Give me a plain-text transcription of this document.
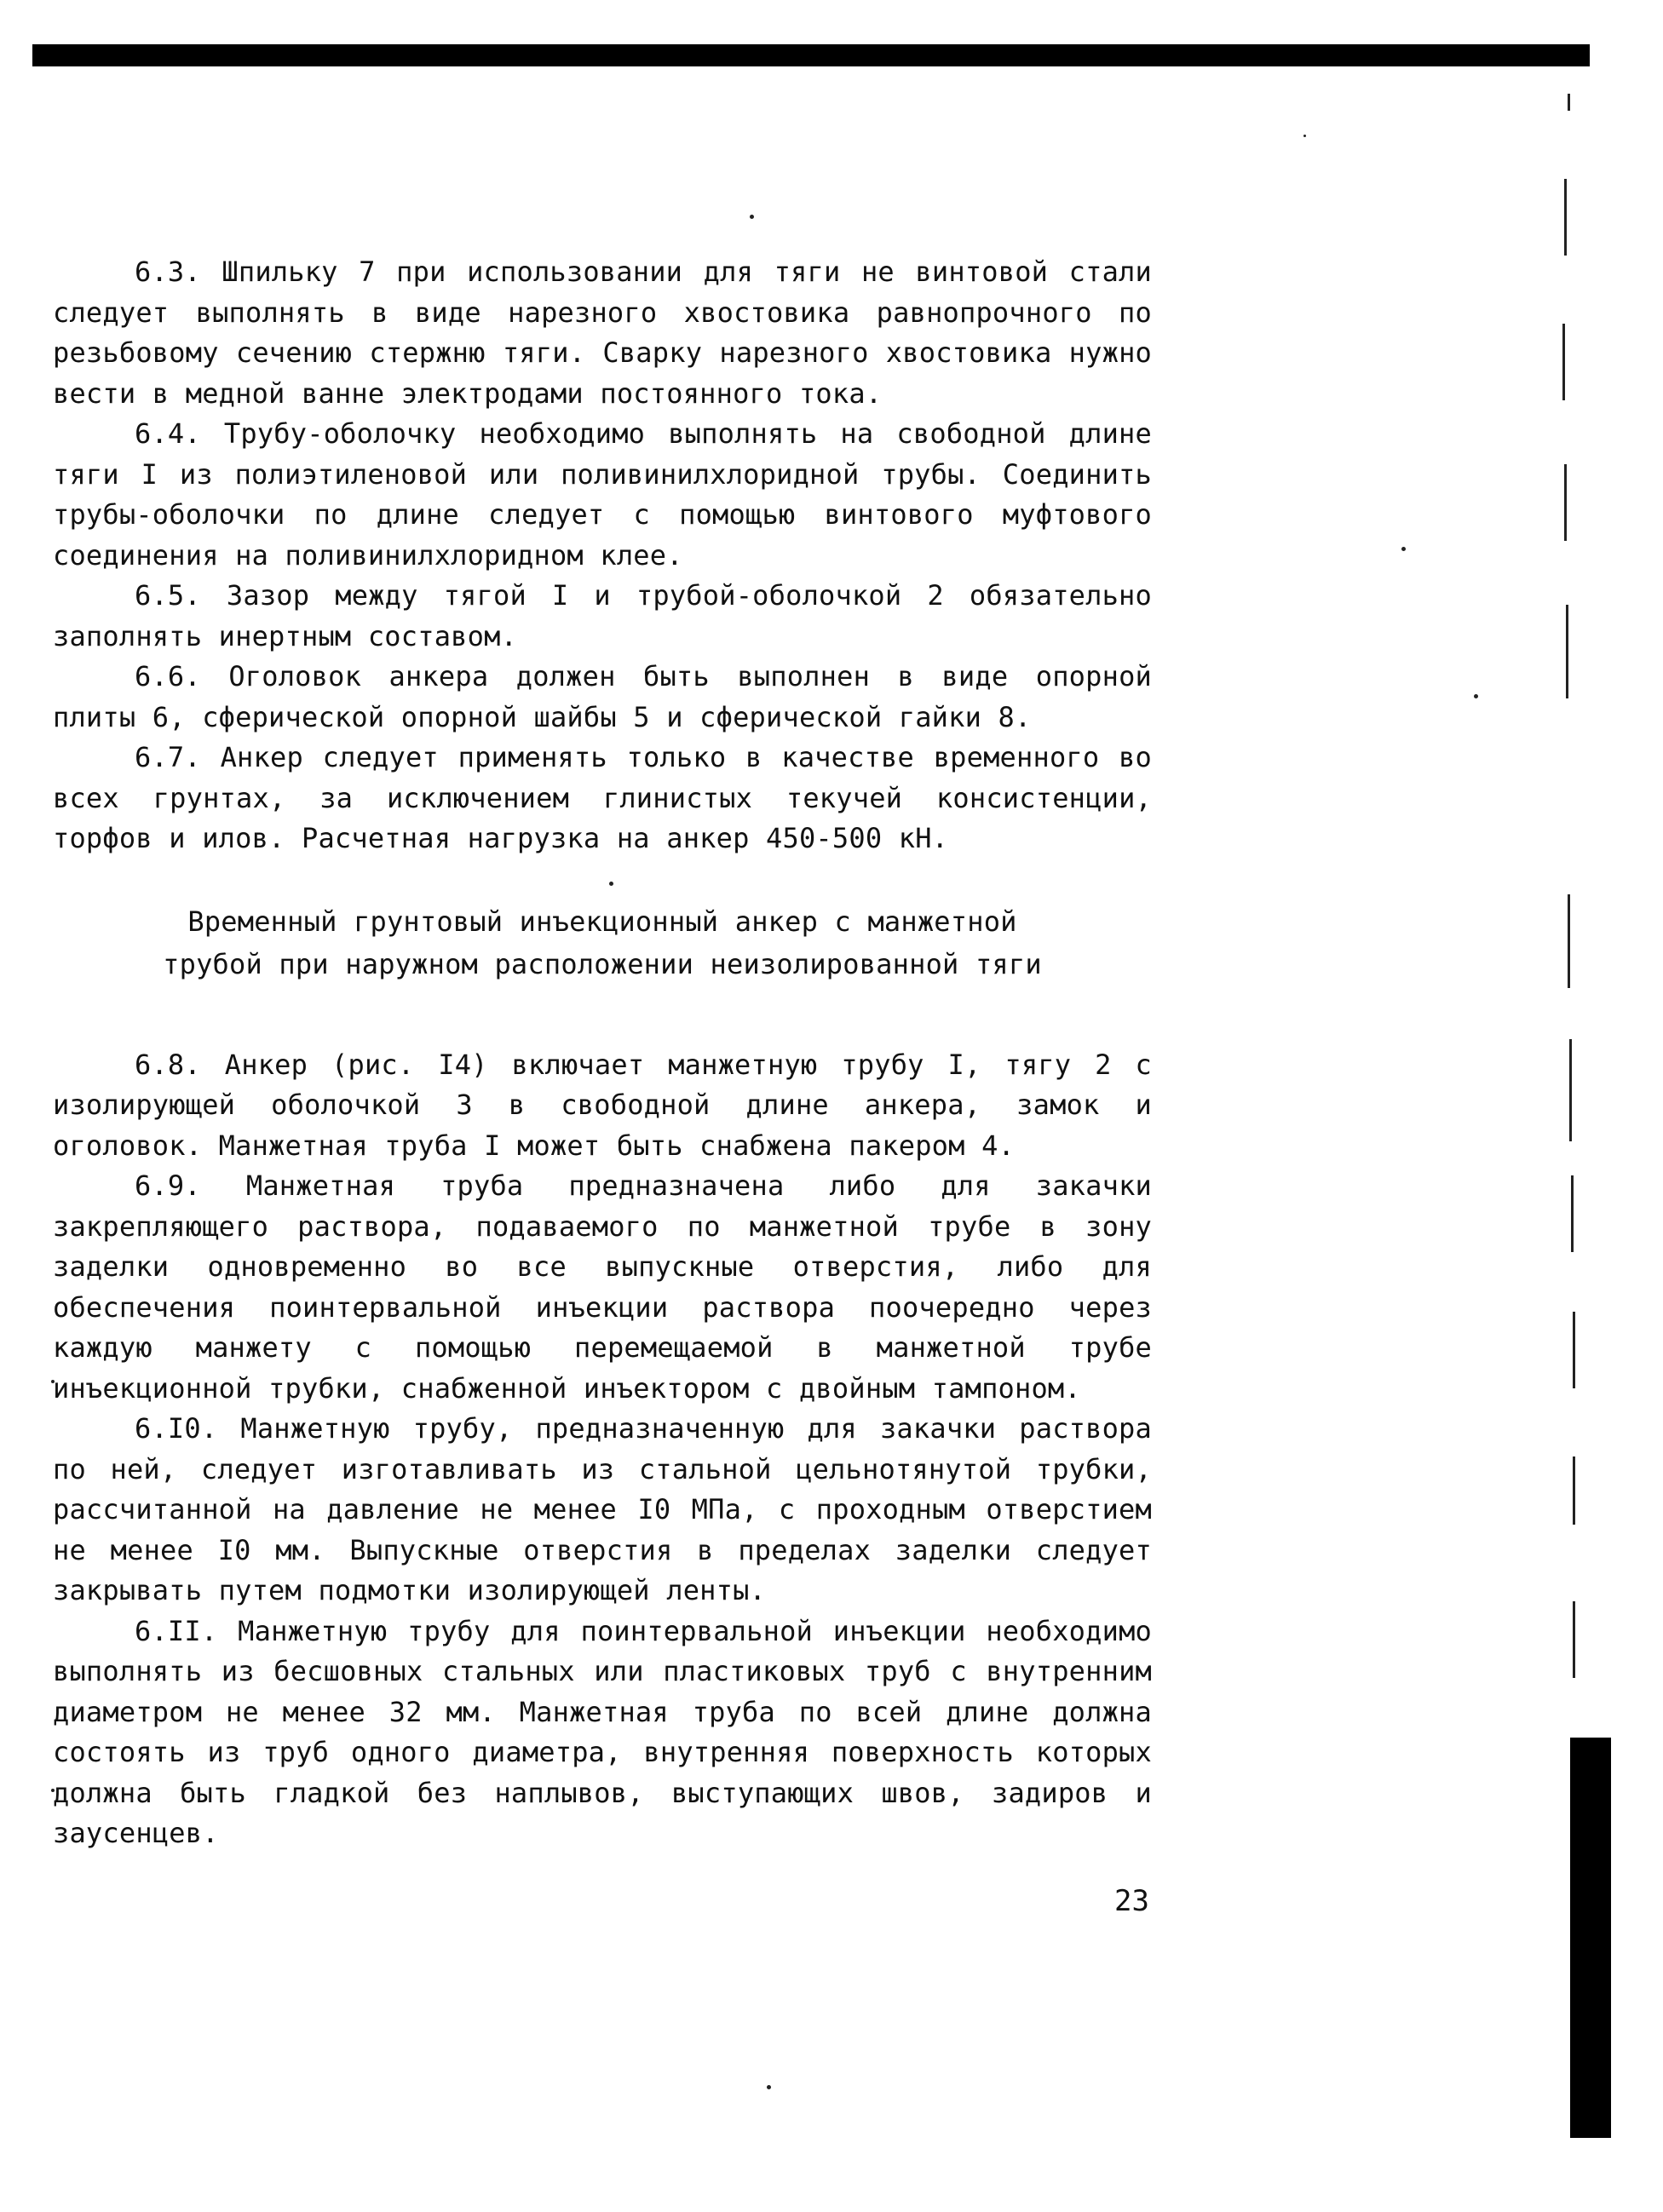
6.3. Шпильку 7 при использовании для тяги не винтовой стали следует выполнять в виде нарезного хвостовика равнопрочного по резьбовому сечению стержню тяги. Сварку нарезного хвостовика нужно вести в медной ванне электродами постоянного тока.

6.4. Трубу-оболочку необходимо выполнять на свободной длине тяги I из полиэтиленовой или поливинилхлоридной трубы. Соединить трубы-оболочки по длине следует с помощью винтового муфтового соединения на поливинилхлоридном клее.

6.5. Зазор между тягой I и трубой-оболочкой 2 обязательно заполнять инертным составом.

6.6. Оголовок анкера должен быть выполнен в виде опорной плиты 6, сферической опорной шайбы 5 и сферической гайки 8.

6.7. Анкер следует применять только в качестве временного во всех грунтах, за исключением глинистых текучей консистенции, торфов и илов. Расчетная нагрузка на анкер 450-500 кН.

Временный грунтовый инъекционный анкер с манжетной
трубой при наружном расположении неизолированной тяги

6.8. Анкер (рис. I4) включает манжетную трубу I, тягу 2 с изолирующей оболочкой 3 в свободной длине анкера, замок и оголовок. Манжетная труба I может быть снабжена пакером 4.

6.9. Манжетная труба предназначена либо для закачки закрепляющего раствора, подаваемого по манжетной трубе в зону заделки одновременно во все выпускные отверстия, либо для обеспечения поинтервальной инъекции раствора поочередно через каждую манжету с помощью перемещаемой в манжетной трубе инъекционной трубки, снабженной инъектором с двойным тампоном.

6.I0. Манжетную трубу, предназначенную для закачки раствора по ней, следует изготавливать из стальной цельнотянутой трубки, рассчитанной на давление не менее I0 МПа, с проходным отверстием не менее I0 мм. Выпускные отверстия в пределах заделки следует закрывать путем подмотки изолирующей ленты.

6.II. Манжетную трубу для поинтервальной инъекции необходимо выполнять из бесшовных стальных или пластиковых труб с внутренним диаметром не менее 32 мм. Манжетная труба по всей длине должна состоять из труб одного диаметра, внутренняя поверхность которых должна быть гладкой без наплывов, выступающих швов, задиров и заусенцев.

23
